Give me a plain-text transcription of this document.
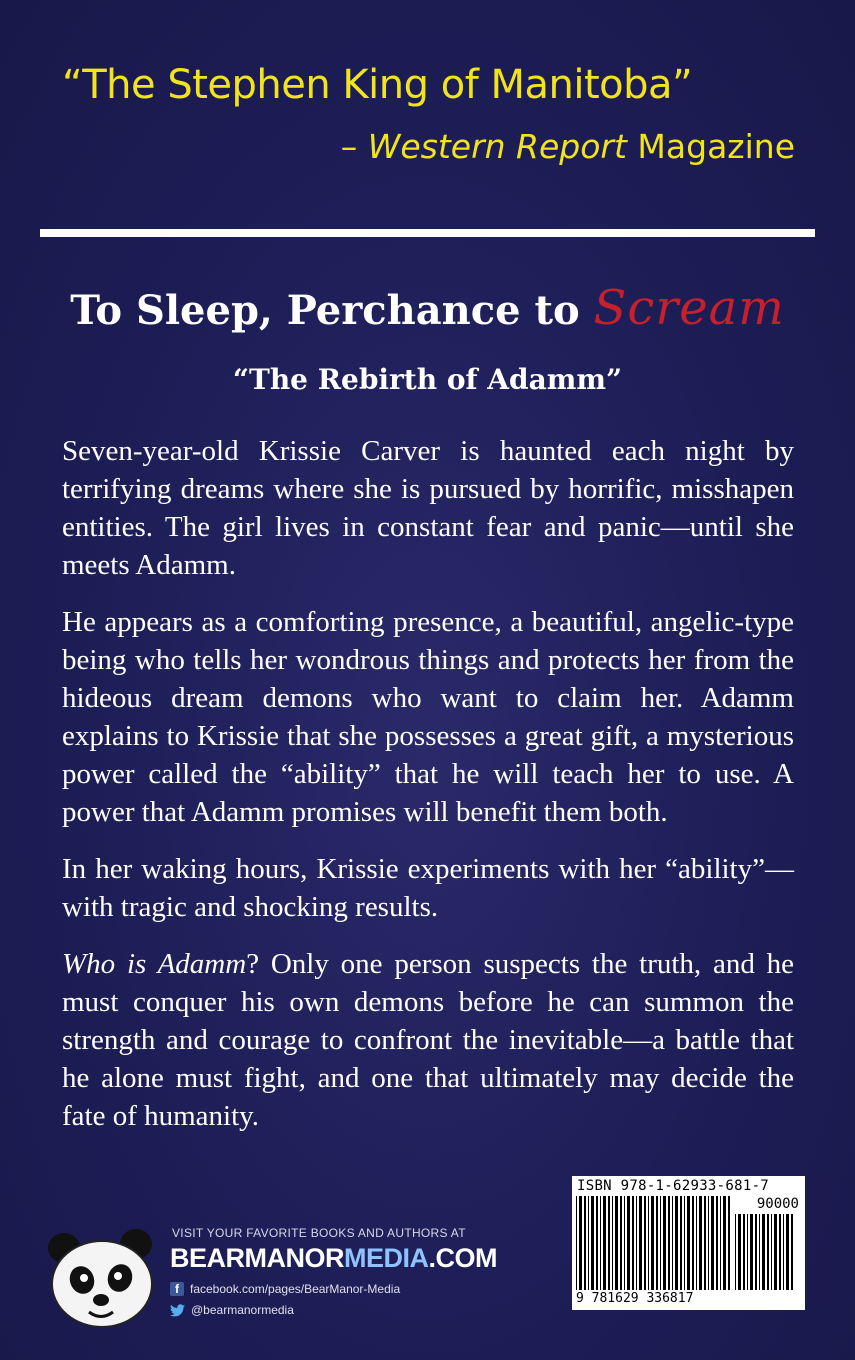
“The Stephen King of Manitoba”
– Western Report Magazine
To Sleep, Perchance to Scream
“The Rebirth of Adamm”

Seven-year-old Krissie Carver is haunted each night by terrifying dreams where she is pursued by horrific, misshapen entities. The girl lives in constant fear and panic—until she meets Adamm.

He appears as a comforting presence, a beautiful, angelic-type being who tells her wondrous things and protects her from the hideous dream demons who want to claim her. Adamm explains to Krissie that she possesses a great gift, a mysterious power called the “ability” that he will teach her to use. A power that Adamm promises will benefit them both.

In her waking hours, Krissie experiments with her “ability”—with tragic and shocking results.

Who is Adamm? Only one person suspects the truth, and he must conquer his own demons before he can summon the strength and courage to confront the inevitable—a battle that he alone must fight, and one that ultimately may decide the fate of humanity.

VISIT YOUR FAVORITE BOOKS AND AUTHORS AT
BEARMANORMEDIA.COM
f facebook.com/pages/BearManor-Media
@bearmanormedia
ISBN 978-1-62933-681-7
90000
9 781629 336817
